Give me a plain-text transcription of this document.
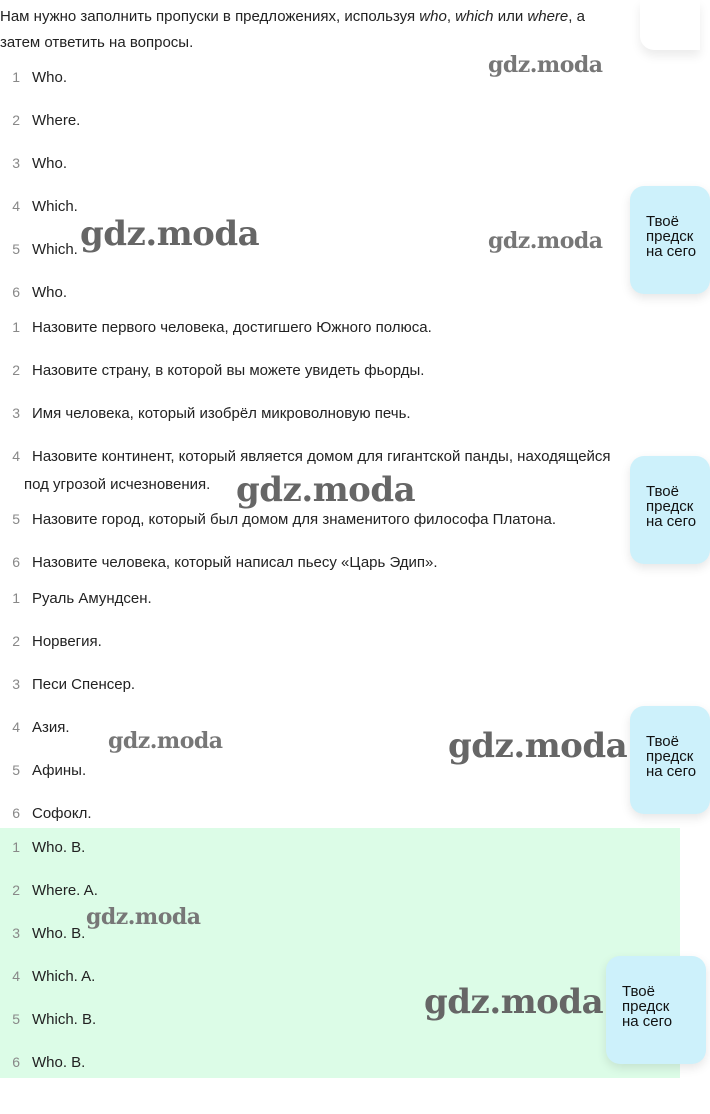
Нам нужно заполнить пропуски в предложениях, используя who, which или where, а
затем ответить на вопросы.
1 Who.
2 Where.
3 Who.
4 Which.
5 Which.
6 Who.
1 Назовите первого человека, достигшего Южного полюса.
2 Назовите страну, в которой вы можете увидеть фьорды.
3 Имя человека, который изобрёл микроволновую печь.
4 Назовите континент, который является домом для гигантской панды, находящейся
под угрозой исчезновения.
5 Назовите город, который был домом для знаменитого философа Платона.
6 Назовите человека, который написал пьесу «Царь Эдип».
1 Руаль Амундсен.
2 Норвегия.
3 Песи Спенсер.
4 Азия.
5 Афины.
6 Софокл.
1 Who. B.
2 Where. A.
3 Who. B.
4 Which. A.
5 Which. B.
6 Who. B.
gdz.moda
gdz.moda	gdz.moda
gdz.moda
gdz.moda	gdz.moda
gdz.moda
gdz.moda
Твоё
предск
на сего
Твоё
предск
на сего
Твоё
предск
на сего
Твоё
предск
на сего
